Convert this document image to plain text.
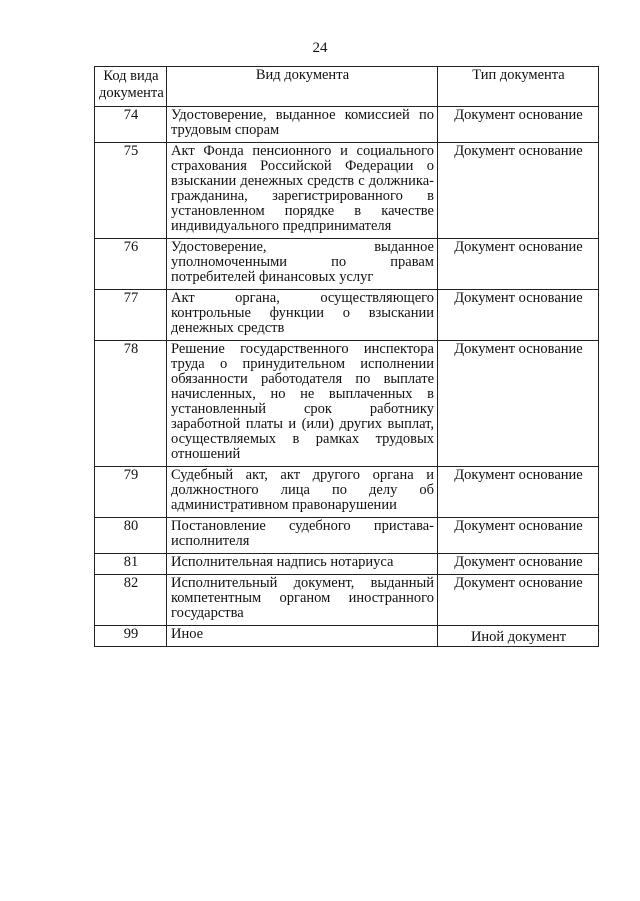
24
Код вида документа	Вид документа	Тип документа
74	Удостоверение, выданное комиссией по трудовым спорам	Документ основание
75	Акт Фонда пенсионного и социального страхования Российской Федерации о взыскании денежных средств с должника-гражданина, зарегистрированного в установленном порядке в качестве индивидуального предпринимателя	Документ основание
76	Удостоверение, выданное уполномоченными по правам потребителей финансовых услуг	Документ основание
77	Акт органа, осуществляющего контрольные функции о взыскании денежных средств	Документ основание
78	Решение государственного инспектора труда о принудительном исполнении обязанности работодателя по выплате начисленных, но не выплаченных в установленный срок работнику заработной платы и (или) других выплат, осуществляемых в рамках трудовых отношений	Документ основание
79	Судебный акт, акт другого органа и должностного лица по делу об административном правонарушении	Документ основание
80	Постановление судебного пристава-исполнителя	Документ основание
81	Исполнительная надпись нотариуса	Документ основание
82	Исполнительный документ, выданный компетентным органом иностранного государства	Документ основание
99	Иное	Иной документ
